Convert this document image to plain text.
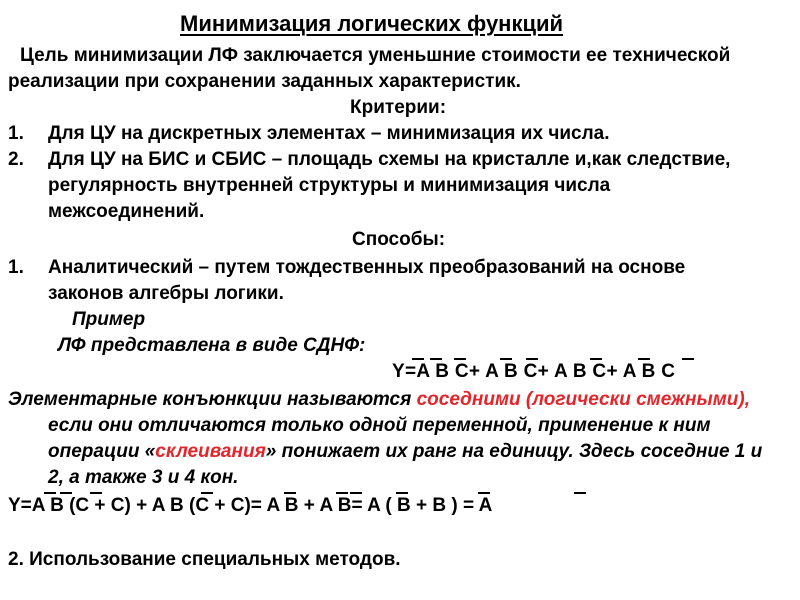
Минимизация логических функций
Цель минимизации ЛФ заключается уменьшние стоимости ее технической
реализации при сохранении заданных характеристик.
Критерии:
1. Для ЦУ на дискретных элементах – минимизация их числа.
2. Для ЦУ на БИС и СБИС – площадь схемы на кристалле и,как следствие,
регулярность внутренней структуры и минимизация числа
межсоединений.
Способы:
1. Аналитический – путем тождественных преобразований на основе
законов алгебры логики.
Пример
ЛФ представлена в виде СДНФ:
Y=A B C+ A B C+ A B C+ A B C
Элементарные конъюнкции называются соседними (логически смежными),
если они отличаются только одной переменной, применение к ним
операции «склеивания» понижает их ранг на единицу. Здесь соседние 1 и
2, а также 3 и 4 кон.
Y=A B (C + C) + A B (C + C)= A B + A B= A ( B + B ) = A
2. Использование специальных методов.
